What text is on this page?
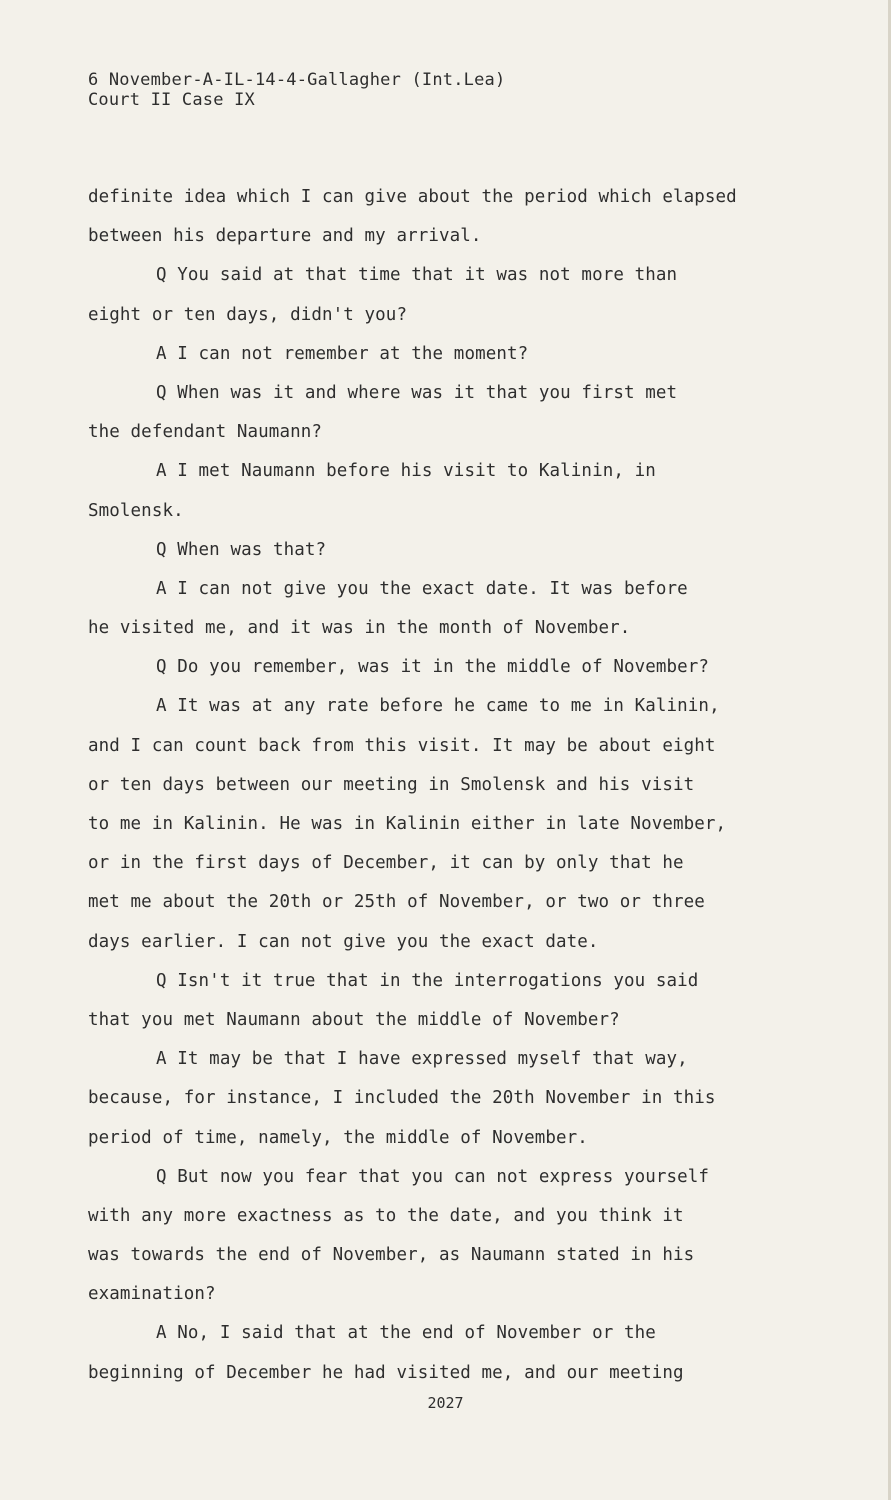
6 November-A-IL-14-4-Gallagher (Int.Lea)
Court II Case IX
definite idea which I can give about the period which elapsed
between his departure and my arrival.
Q You said at that time that it was not more than
eight or ten days, didn't you?
A I can not remember at the moment?
Q When was it and where was it that you first met
the defendant Naumann?
A I met Naumann before his visit to Kalinin, in
Smolensk.
Q When was that?
A I can not give you the exact date. It was before
he visited me, and it was in the month of November.
Q Do you remember, was it in the middle of November?
A It was at any rate before he came to me in Kalinin,
and I can count back from this visit. It may be about eight
or ten days between our meeting in Smolensk and his visit
to me in Kalinin. He was in Kalinin either in late November,
or in the first days of December, it can by only that he
met me about the 20th or 25th of November, or two or three
days earlier. I can not give you the exact date.
Q Isn't it true that in the interrogations you said
that you met Naumann about the middle of November?
A It may be that I have expressed myself that way,
because, for instance, I included the 20th November in this
period of time, namely, the middle of November.
Q But now you fear that you can not express yourself
with any more exactness as to the date, and you think it
was towards the end of November, as Naumann stated in his
examination?
A No, I said that at the end of November or the
beginning of December he had visited me, and our meeting
2027
